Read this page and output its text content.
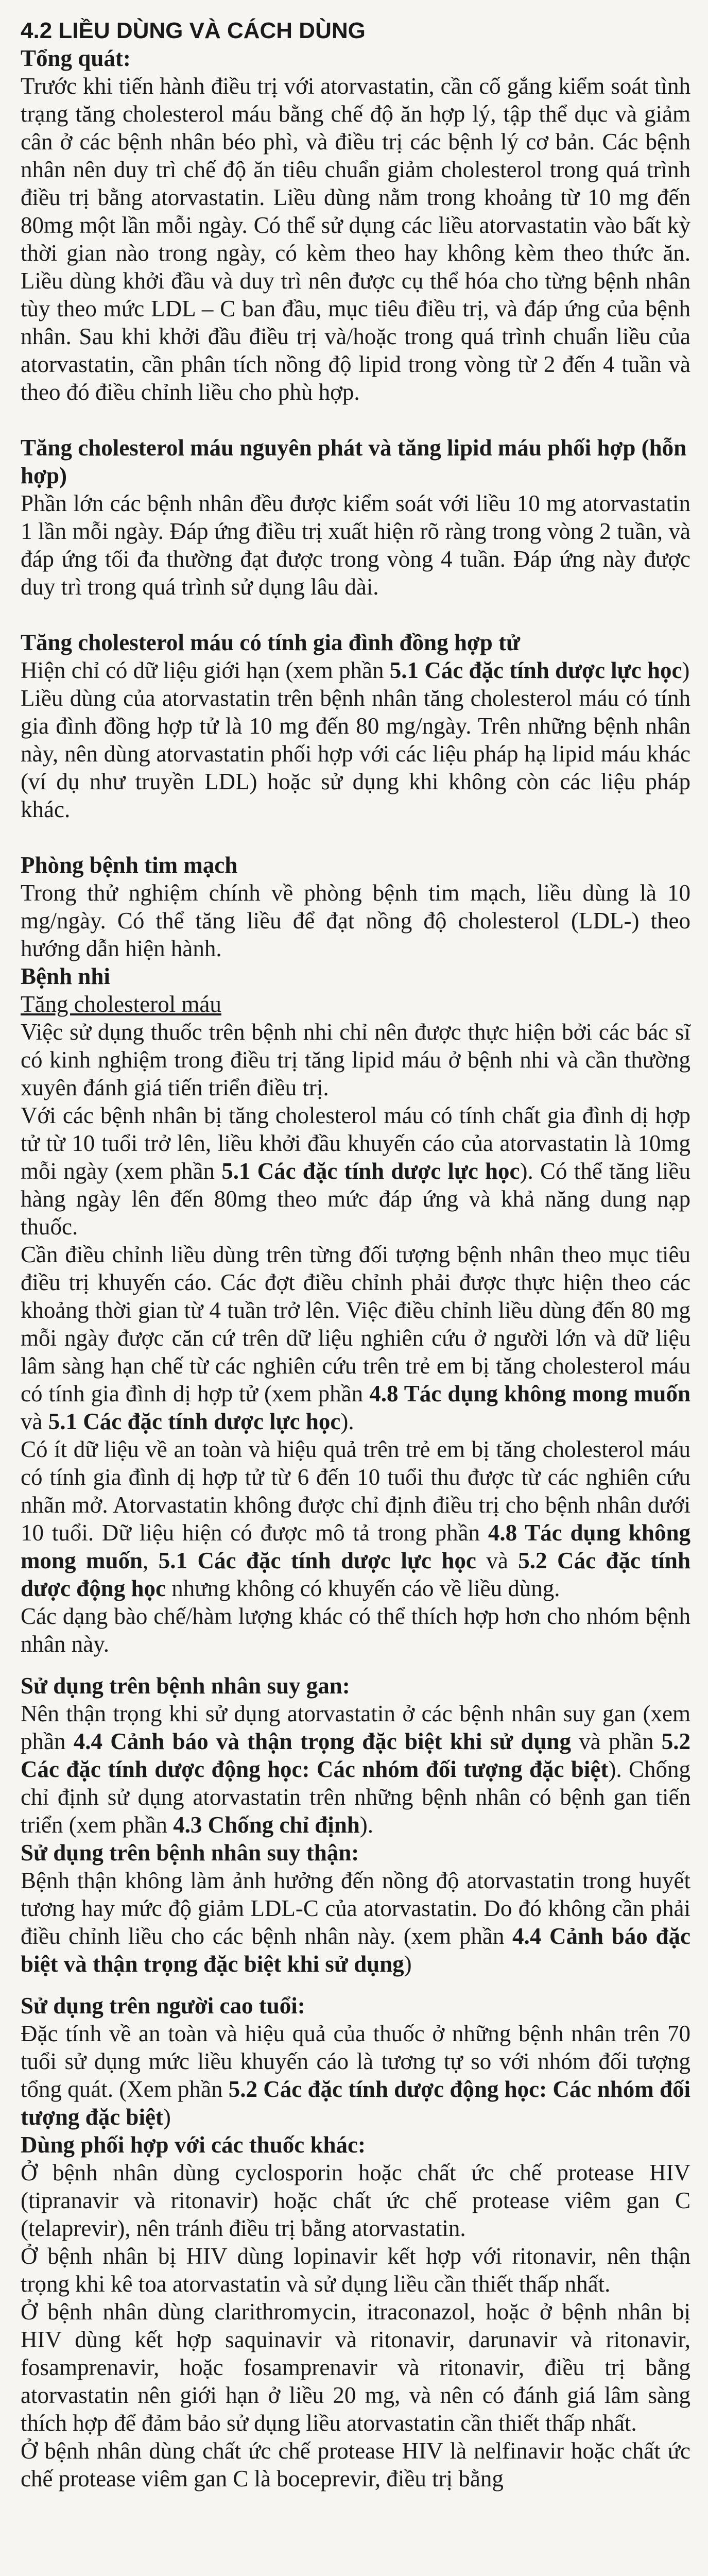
4.2 LIỀU DÙNG VÀ CÁCH DÙNG
Tổng quát:

Trước khi tiến hành điều trị với atorvastatin, cần cố gắng kiểm soát tình trạng tăng cholesterol máu bằng chế độ ăn hợp lý, tập thể dục và giảm cân ở các bệnh nhân béo phì, và điều trị các bệnh lý cơ bản. Các bệnh nhân nên duy trì chế độ ăn tiêu chuẩn giảm cholesterol trong quá trình điều trị bằng atorvastatin. Liều dùng nằm trong khoảng từ 10 mg đến 80mg một lần mỗi ngày. Có thể sử dụng các liều atorvastatin vào bất kỳ thời gian nào trong ngày, có kèm theo hay không kèm theo thức ăn. Liều dùng khởi đầu và duy trì nên được cụ thể hóa cho từng bệnh nhân tùy theo mức LDL – C ban đầu, mục tiêu điều trị, và đáp ứng của bệnh nhân. Sau khi khởi đầu điều trị và/hoặc trong quá trình chuẩn liều của atorvastatin, cần phân tích nồng độ lipid trong vòng từ 2 đến 4 tuần và theo đó điều chỉnh liều cho phù hợp.

Tăng cholesterol máu nguyên phát và tăng lipid máu phối hợp (hỗn hợp)

Phần lớn các bệnh nhân đều được kiểm soát với liều 10 mg atorvastatin 1 lần mỗi ngày. Đáp ứng điều trị xuất hiện rõ ràng trong vòng 2 tuần, và đáp ứng tối đa thường đạt được trong vòng 4 tuần. Đáp ứng này được duy trì trong quá trình sử dụng lâu dài.

Tăng cholesterol máu có tính gia đình đồng hợp tử

Hiện chỉ có dữ liệu giới hạn (xem phần 5.1 Các đặc tính dược lực học)

Liều dùng của atorvastatin trên bệnh nhân tăng cholesterol máu có tính gia đình đồng hợp tử là 10 mg đến 80 mg/ngày. Trên những bệnh nhân này, nên dùng atorvastatin phối hợp với các liệu pháp hạ lipid máu khác (ví dụ như truyền LDL) hoặc sử dụng khi không còn các liệu pháp khác.

Phòng bệnh tim mạch

Trong thử nghiệm chính về phòng bệnh tim mạch, liều dùng là 10 mg/ngày. Có thể tăng liều để đạt nồng độ cholesterol (LDL-) theo hướng dẫn hiện hành.

Bệnh nhi

Tăng cholesterol máu

Việc sử dụng thuốc trên bệnh nhi chỉ nên được thực hiện bởi các bác sĩ có kinh nghiệm trong điều trị tăng lipid máu ở bệnh nhi và cần thường xuyên đánh giá tiến triển điều trị.

Với các bệnh nhân bị tăng cholesterol máu có tính chất gia đình dị hợp tử từ 10 tuổi trở lên, liều khởi đầu khuyến cáo của atorvastatin là 10mg mỗi ngày (xem phần 5.1 Các đặc tính dược lực học). Có thể tăng liều hàng ngày lên đến 80mg theo mức đáp ứng và khả năng dung nạp thuốc.

Cần điều chỉnh liều dùng trên từng đối tượng bệnh nhân theo mục tiêu điều trị khuyến cáo. Các đợt điều chỉnh phải được thực hiện theo các khoảng thời gian từ 4 tuần trở lên. Việc điều chỉnh liều dùng đến 80 mg mỗi ngày được căn cứ trên dữ liệu nghiên cứu ở người lớn và dữ liệu lâm sàng hạn chế từ các nghiên cứu trên trẻ em bị tăng cholesterol máu có tính gia đình dị hợp tử (xem phần 4.8 Tác dụng không mong muốn và 5.1 Các đặc tính dược lực học).

Có ít dữ liệu về an toàn và hiệu quả trên trẻ em bị tăng cholesterol máu có tính gia đình dị hợp tử từ 6 đến 10 tuổi thu được từ các nghiên cứu nhãn mở. Atorvastatin không được chỉ định điều trị cho bệnh nhân dưới 10 tuổi. Dữ liệu hiện có được mô tả trong phần 4.8 Tác dụng không mong muốn, 5.1 Các đặc tính dược lực học và 5.2 Các đặc tính dược động học nhưng không có khuyến cáo về liều dùng.

Các dạng bào chế/hàm lượng khác có thể thích hợp hơn cho nhóm bệnh nhân này.

Sử dụng trên bệnh nhân suy gan:

Nên thận trọng khi sử dụng atorvastatin ở các bệnh nhân suy gan (xem phần 4.4 Cảnh báo và thận trọng đặc biệt khi sử dụng và phần 5.2 Các đặc tính dược động học: Các nhóm đối tượng đặc biệt). Chống chỉ định sử dụng atorvastatin trên những bệnh nhân có bệnh gan tiến triển (xem phần 4.3 Chống chỉ định).

Sử dụng trên bệnh nhân suy thận:

Bệnh thận không làm ảnh hưởng đến nồng độ atorvastatin trong huyết tương hay mức độ giảm LDL-C của atorvastatin. Do đó không cần phải điều chỉnh liều cho các bệnh nhân này. (xem phần 4.4 Cảnh báo đặc biệt và thận trọng đặc biệt khi sử dụng)

Sử dụng trên người cao tuổi:

Đặc tính về an toàn và hiệu quả của thuốc ở những bệnh nhân trên 70 tuổi sử dụng mức liều khuyến cáo là tương tự so với nhóm đối tượng tổng quát. (Xem phần 5.2 Các đặc tính dược động học: Các nhóm đối tượng đặc biệt)

Dùng phối hợp với các thuốc khác:

Ở bệnh nhân dùng cyclosporin hoặc chất ức chế protease HIV (tipranavir và ritonavir) hoặc chất ức chế protease viêm gan C (telaprevir), nên tránh điều trị bằng atorvastatin.

Ở bệnh nhân bị HIV dùng lopinavir kết hợp với ritonavir, nên thận trọng khi kê toa atorvastatin và sử dụng liều cần thiết thấp nhất.

Ở bệnh nhân dùng clarithromycin, itraconazol, hoặc ở bệnh nhân bị HIV dùng kết hợp saquinavir và ritonavir, darunavir và ritonavir, fosamprenavir, hoặc fosamprenavir và ritonavir, điều trị bằng atorvastatin nên giới hạn ở liều 20 mg, và nên có đánh giá lâm sàng thích hợp để đảm bảo sử dụng liều atorvastatin cần thiết thấp nhất.

Ở bệnh nhân dùng chất ức chế protease HIV là nelfinavir hoặc chất ức chế protease viêm gan C là boceprevir, điều trị bằng
